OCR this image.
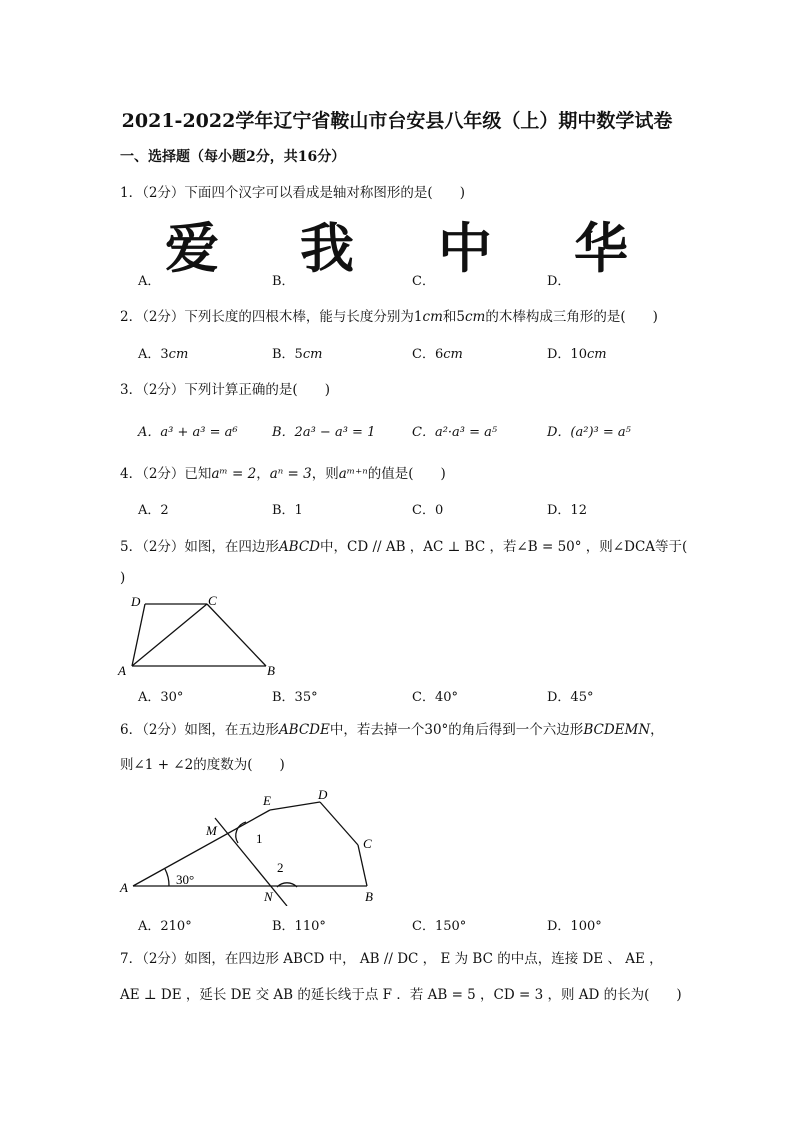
2021-2022学年辽宁省鞍山市台安县八年级（上）期中数学试卷
一、选择题（每小题2分，共16分）
1．（2分）下面四个汉字可以看成是轴对称图形的是(　　)
A．
爱
B．
我
C．
中
D．
华
2．（2分）下列长度的四根木棒，能与长度分别为1cm和5cm的木棒构成三角形的是(　　)
A．3cm	B．5cm	C．6cm	D．10cm
3．（2分）下列计算正确的是(　　)
A．a³ + a³ = a⁶	B．2a³ − a³ = 1	C．a²·a³ = a⁵	D．(a²)³ = a⁵
4．（2分）已知aᵐ = 2，aⁿ = 3，则aᵐ⁺ⁿ的值是(　　)
A．2	B．1	C．0	D．12
5．（2分）如图，在四边形ABCD中，CD // AB ，AC ⊥ BC ，若∠B = 50° ，则∠DCA等于(
)
D	C
A	B
A．30°	B．35°	C．40°	D．45°
6．（2分）如图，在五边形ABCDE中，若去掉一个30°的角后得到一个六边形BCDEMN，
则∠1 + ∠2的度数为(　　)
E	D
M
1	C
2
A
30°
N	B
A．210°	B．110°	C．150°	D．100°
7．（2分）如图，在四边形 ABCD 中， AB // DC ， E 为 BC 的中点，连接 DE 、 AE ，
AE ⊥ DE ，延长 DE 交 AB 的延长线于点 F ．若 AB = 5 ，CD = 3 ，则 AD 的长为(　　)
